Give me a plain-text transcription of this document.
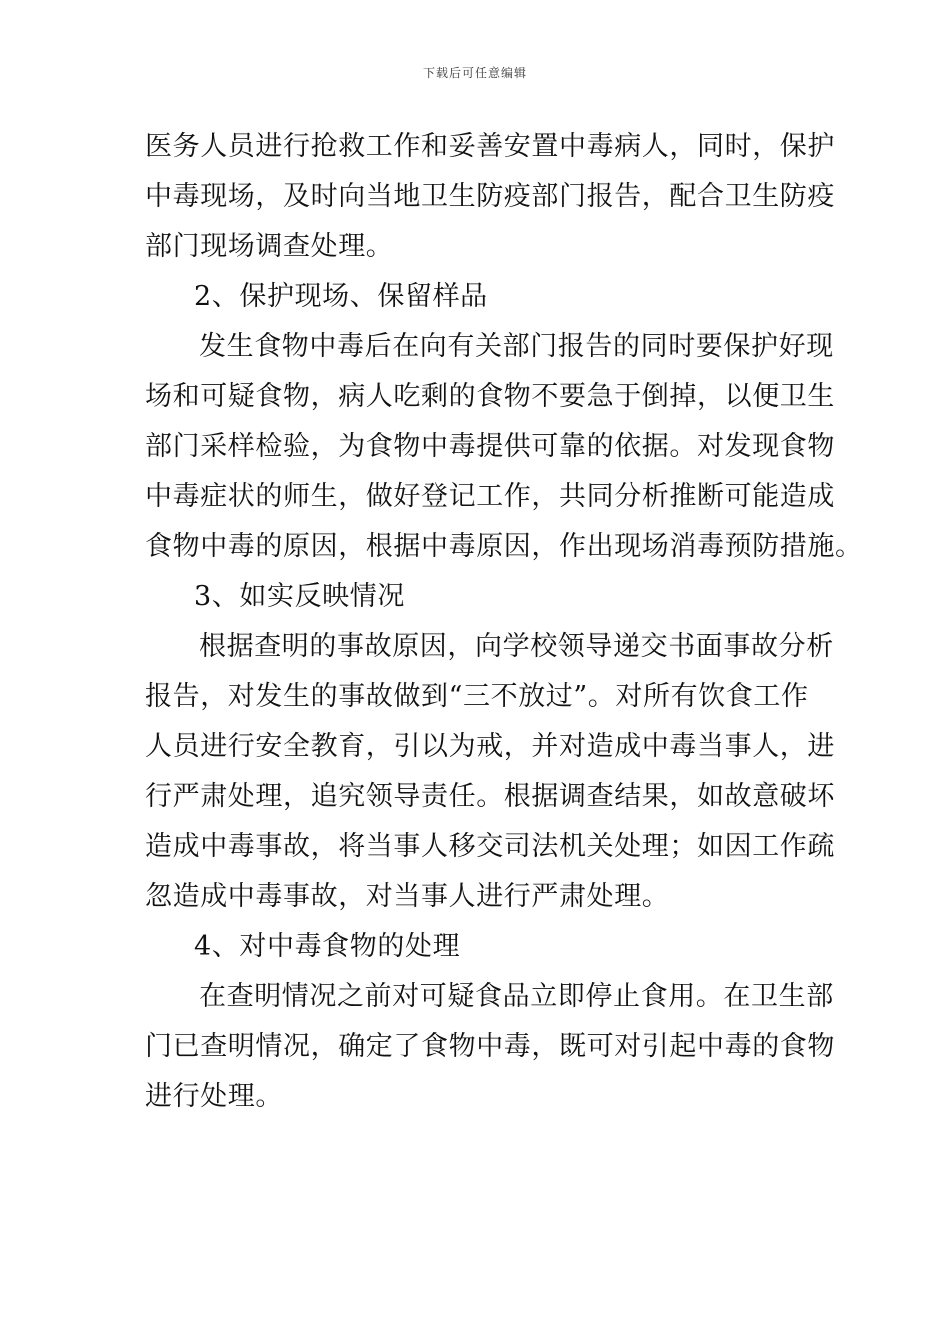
下载后可任意编辑
医务人员进行抢救工作和妥善安置中毒病人，同时，保护
中毒现场，及时向当地卫生防疫部门报告，配合卫生防疫
部门现场调查处理。
2、保护现场、保留样品
发生食物中毒后在向有关部门报告的同时要保护好现
场和可疑食物，病人吃剩的食物不要急于倒掉，以便卫生
部门采样检验，为食物中毒提供可靠的依据。对发现食物
中毒症状的师生，做好登记工作，共同分析推断可能造成
食物中毒的原因，根据中毒原因，作出现场消毒预防措施。
3、如实反映情况
根据查明的事故原因，向学校领导递交书面事故分析
报告，对发生的事故做到“三不放过”。对所有饮食工作
人员进行安全教育，引以为戒，并对造成中毒当事人，进
行严肃处理，追究领导责任。根据调查结果，如故意破坏
造成中毒事故，将当事人移交司法机关处理；如因工作疏
忽造成中毒事故，对当事人进行严肃处理。
4、对中毒食物的处理
在查明情况之前对可疑食品立即停止食用。在卫生部
门已查明情况，确定了食物中毒，既可对引起中毒的食物
进行处理。
